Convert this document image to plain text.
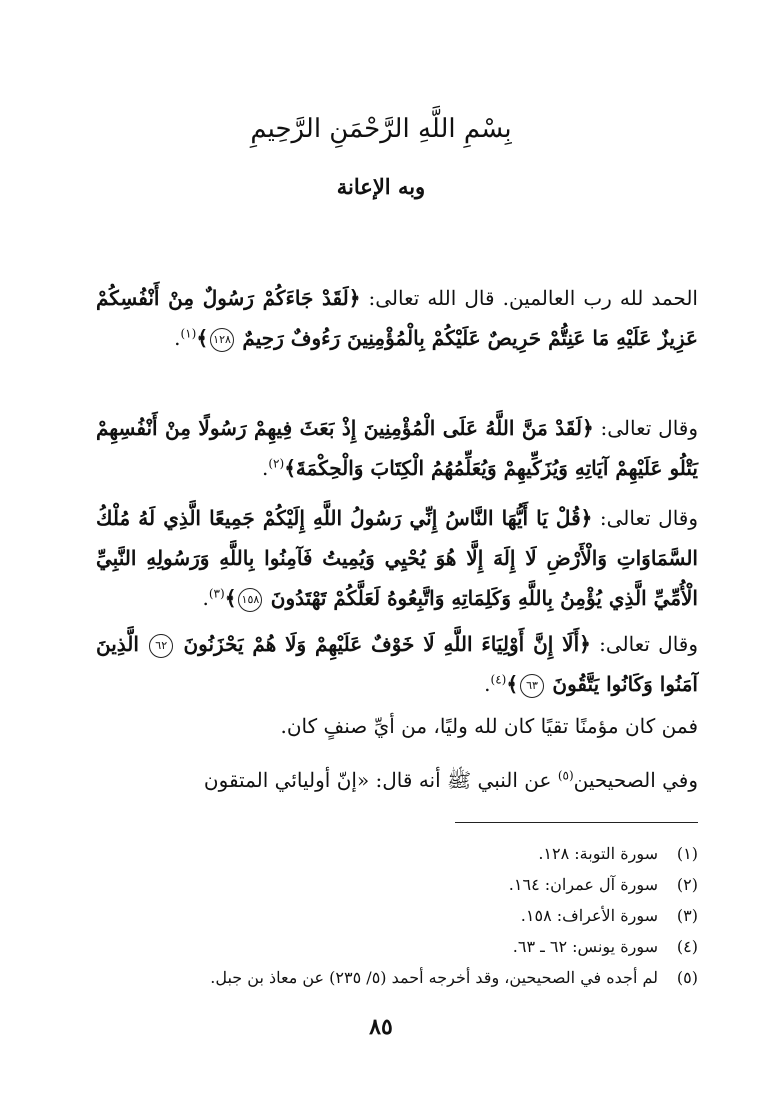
بِسْمِ اللَّهِ الرَّحْمَنِ الرَّحِيمِ
وبه الإعانة

الحمد لله رب العالمين. قال الله تعالى: ﴿لَقَدْ جَاءَكُمْ رَسُولٌ مِنْ أَنْفُسِكُمْ عَزِيزٌ عَلَيْهِ مَا عَنِتُّمْ حَرِيصٌ عَلَيْكُمْ بِالْمُؤْمِنِينَ رَءُوفٌ رَحِيمٌ ١٢٨﴾$^{(١)}$.

وقال تعالى: ﴿لَقَدْ مَنَّ اللَّهُ عَلَى الْمُؤْمِنِينَ إِذْ بَعَثَ فِيهِمْ رَسُولًا مِنْ أَنْفُسِهِمْ يَتْلُو عَلَيْهِمْ آيَاتِهِ وَيُزَكِّيهِمْ وَيُعَلِّمُهُمُ الْكِتَابَ وَالْحِكْمَةَ﴾$^{(٢)}$.

وقال تعالى: ﴿قُلْ يَا أَيُّهَا النَّاسُ إِنِّي رَسُولُ اللَّهِ إِلَيْكُمْ جَمِيعًا الَّذِي لَهُ مُلْكُ السَّمَاوَاتِ وَالْأَرْضِ لَا إِلَهَ إِلَّا هُوَ يُحْيِي وَيُمِيتُ فَآمِنُوا بِاللَّهِ وَرَسُولِهِ النَّبِيِّ الْأُمِّيِّ الَّذِي يُؤْمِنُ بِاللَّهِ وَكَلِمَاتِهِ وَاتَّبِعُوهُ لَعَلَّكُمْ تَهْتَدُونَ ١٥٨﴾$^{(٣)}$.

وقال تعالى: ﴿أَلَا إِنَّ أَوْلِيَاءَ اللَّهِ لَا خَوْفٌ عَلَيْهِمْ وَلَا هُمْ يَحْزَنُونَ ٦٢ الَّذِينَ آمَنُوا وَكَانُوا يَتَّقُونَ ٦٣﴾$^{(٤)}$.

فمن كان مؤمنًا تقيًا كان لله وليًا، من أيِّ صنفٍ كان.

وفي الصحيحين$^{(٥)}$ عن النبي ﷺ أنه قال: «إنّ أوليائي المتقون

(١)
سورة التوبة: ١٢٨.
(٢)
سورة آل عمران: ١٦٤.
(٣)
سورة الأعراف: ١٥٨.
(٤)
سورة يونس: ٦٢ ـ ٦٣.
(٥)
لم أجده في الصحيحين، وقد أخرجه أحمد (٥/ ٢٣٥) عن معاذ بن جبل.
٨٥
